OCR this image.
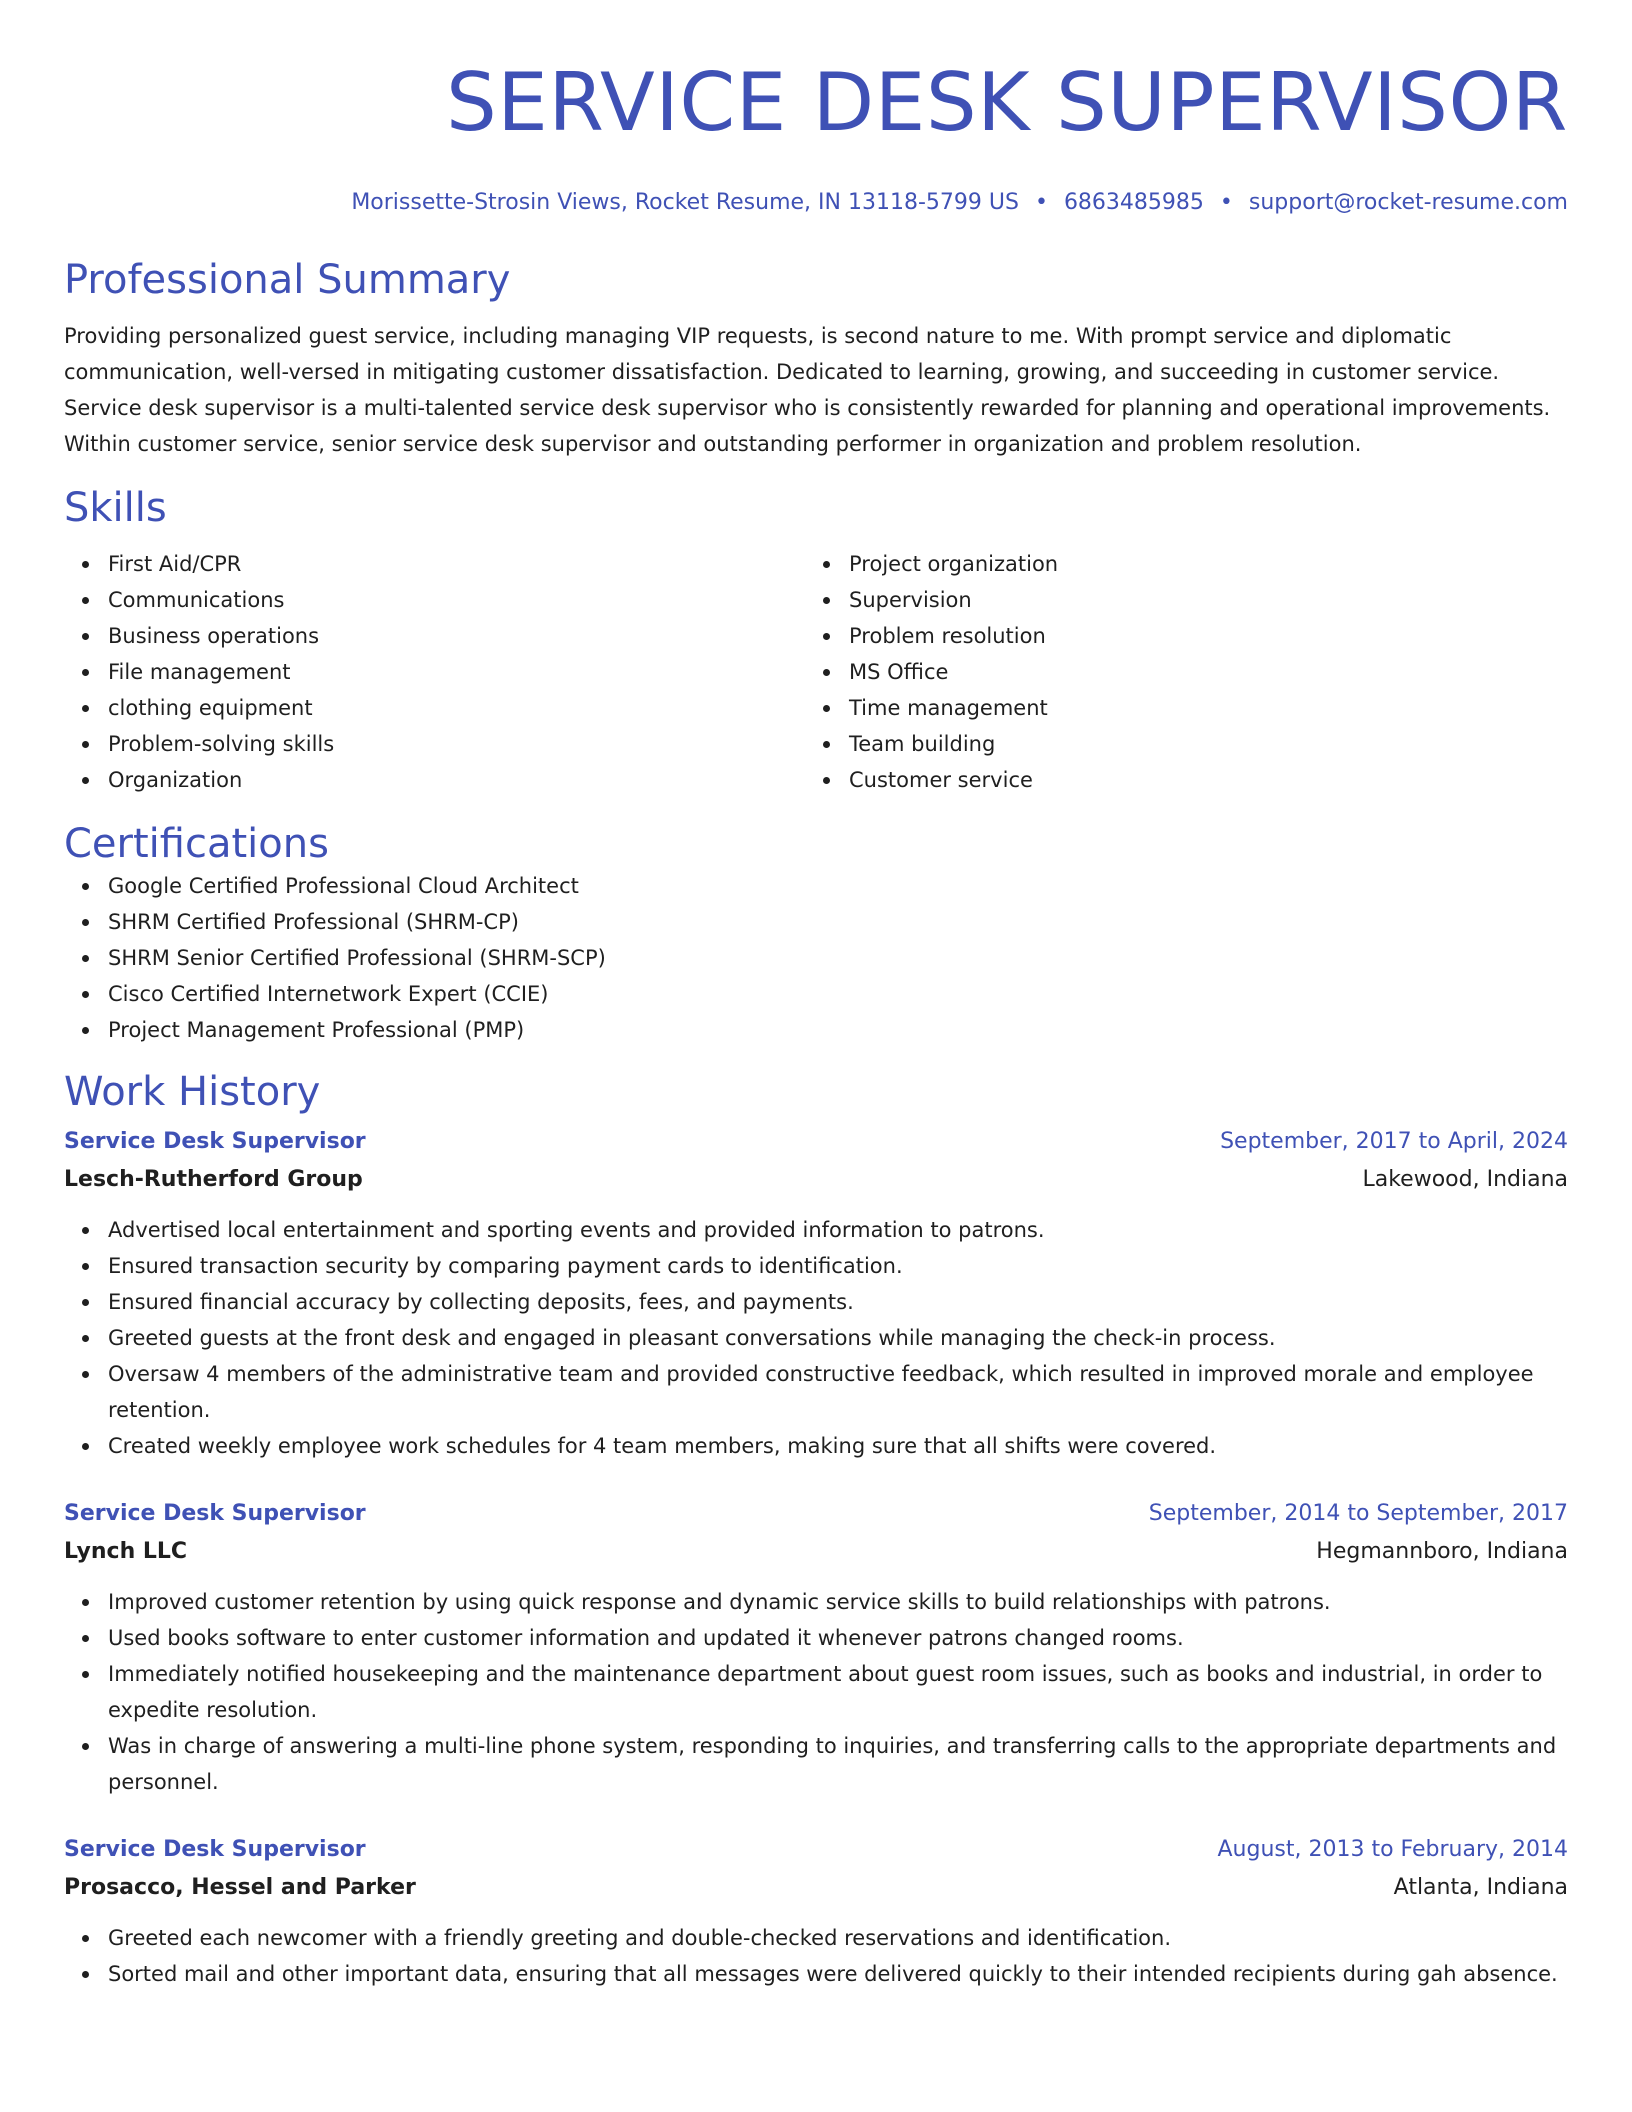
SERVICE DESK SUPERVISOR
Morissette-Strosin Views, Rocket Resume, IN 13118-5799 US • 6863485985 • support@rocket-resume.com
Professional Summary

Providing personalized guest service, including managing VIP requests, is second nature to me. With prompt service and diplomatic communication, well-versed in mitigating customer dissatisfaction. Dedicated to learning, growing, and succeeding in customer service. Service desk supervisor is a multi-talented service desk supervisor who is consistently rewarded for planning and operational improvements. Within customer service, senior service desk supervisor and outstanding performer in organization and problem resolution.

Skills
First Aid/CPR
Communications
Business operations
File management
clothing equipment
Problem-solving skills
Organization
Project organization
Supervision
Problem resolution
MS Office
Time management
Team building
Customer service
Certifications
Google Certified Professional Cloud Architect
SHRM Certified Professional (SHRM-CP)
SHRM Senior Certified Professional (SHRM-SCP)
Cisco Certified Internetwork Expert (CCIE)
Project Management Professional (PMP)
Work History
Service Desk Supervisor	September, 2017 to April, 2024
Lesch-Rutherford Group	Lakewood, Indiana
Advertised local entertainment and sporting events and provided information to patrons.
Ensured transaction security by comparing payment cards to identification.
Ensured financial accuracy by collecting deposits, fees, and payments.
Greeted guests at the front desk and engaged in pleasant conversations while managing the check-in process.
Oversaw 4 members of the administrative team and provided constructive feedback, which resulted in improved morale and employee retention.
Created weekly employee work schedules for 4 team members, making sure that all shifts were covered.
Service Desk Supervisor	September, 2014 to September, 2017
Lynch LLC	Hegmannboro, Indiana
Improved customer retention by using quick response and dynamic service skills to build relationships with patrons.
Used books software to enter customer information and updated it whenever patrons changed rooms.
Immediately notified housekeeping and the maintenance department about guest room issues, such as books and industrial, in order to expedite resolution.
Was in charge of answering a multi-line phone system, responding to inquiries, and transferring calls to the appropriate departments and personnel.
Service Desk Supervisor	August, 2013 to February, 2014
Prosacco, Hessel and Parker	Atlanta, Indiana
Greeted each newcomer with a friendly greeting and double-checked reservations and identification.
Sorted mail and other important data, ensuring that all messages were delivered quickly to their intended recipients during gah absence.
